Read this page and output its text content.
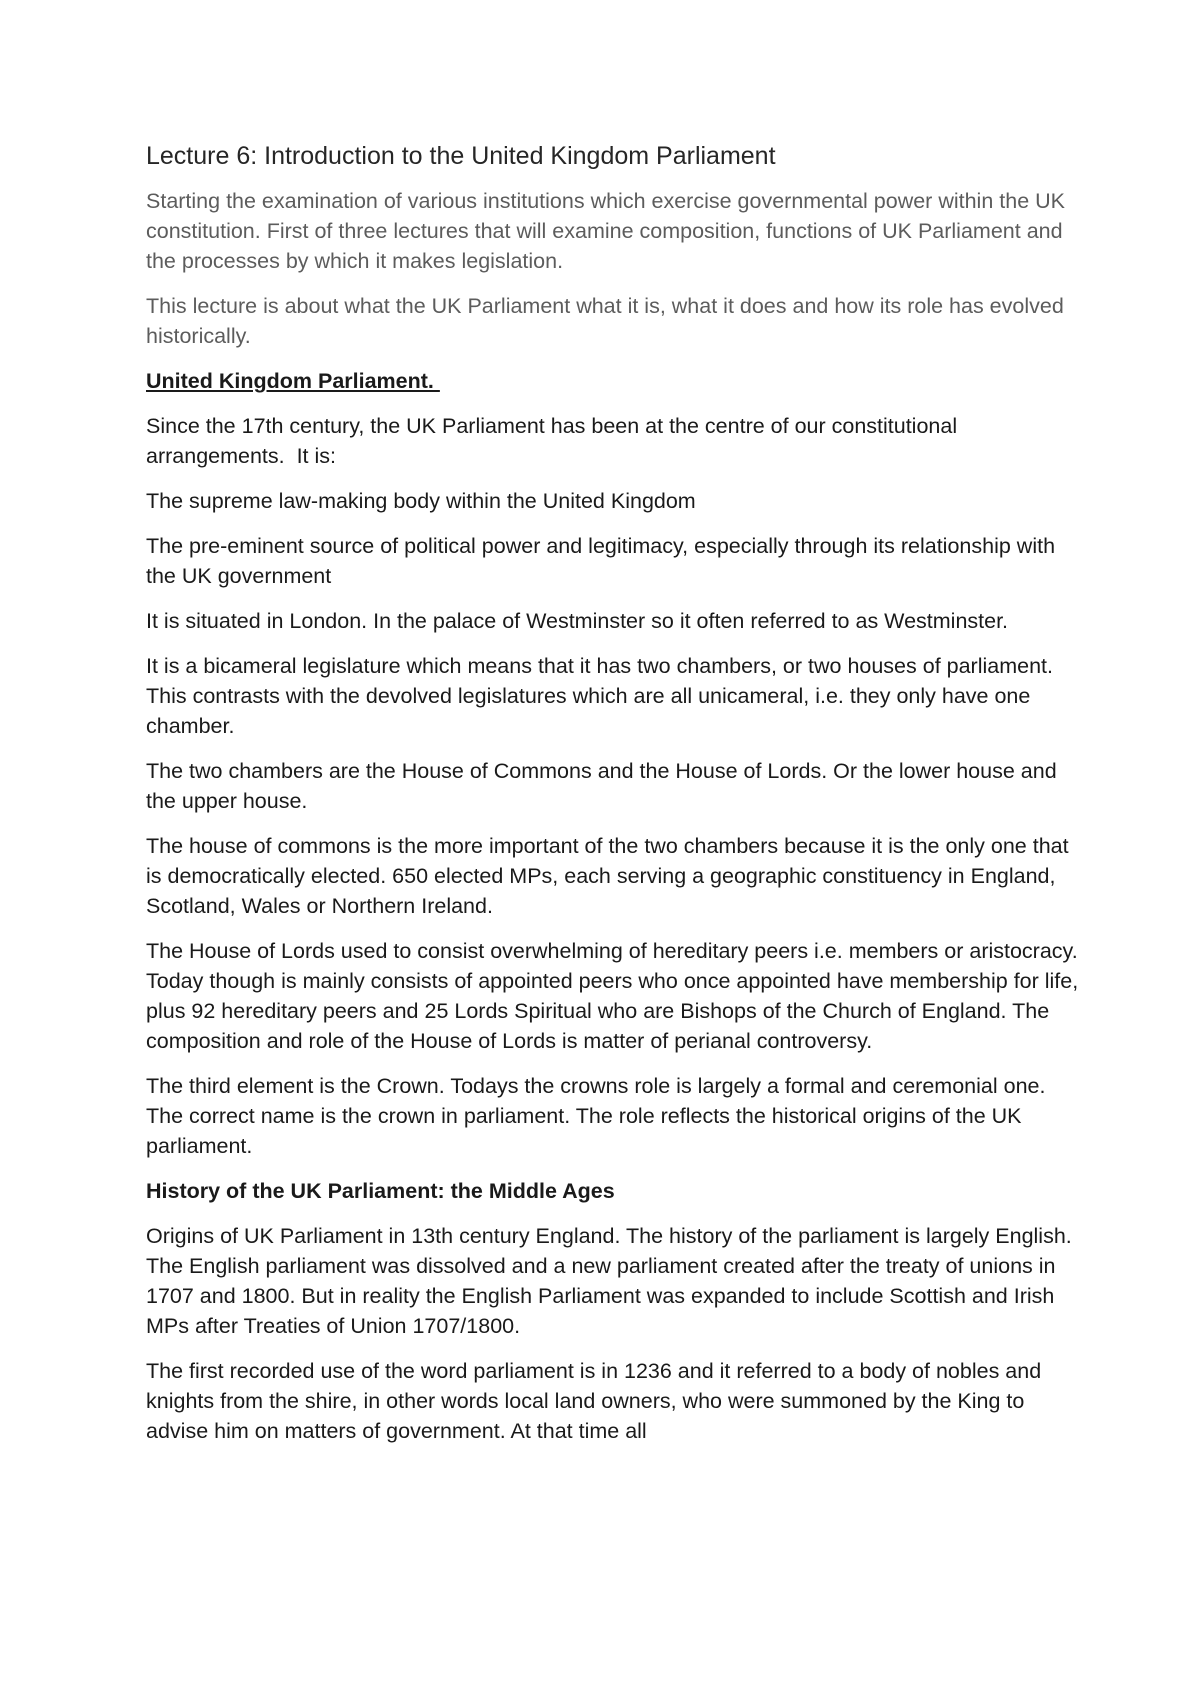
Lecture 6: Introduction to the United Kingdom Parliament

Starting the examination of various institutions which exercise governmental power within the UK constitution. First of three lectures that will examine composition, functions of UK Parliament and the processes by which it makes legislation.

This lecture is about what the UK Parliament what it is, what it does and how its role has evolved historically.

United Kingdom Parliament.

Since the 17th century, the UK Parliament has been at the centre of our constitutional arrangements.  It is:

The supreme law-making body within the United Kingdom

The pre-eminent source of political power and legitimacy, especially through its relationship with the UK government

It is situated in London. In the palace of Westminster so it often referred to as Westminster.

It is a bicameral legislature which means that it has two chambers, or two houses of parliament. This contrasts with the devolved legislatures which are all unicameral, i.e. they only have one chamber.

The two chambers are the House of Commons and the House of Lords. Or the lower house and the upper house.

The house of commons is the more important of the two chambers because it is the only one that is democratically elected. 650 elected MPs, each serving a geographic constituency in England, Scotland, Wales or Northern Ireland.

The House of Lords used to consist overwhelming of hereditary peers i.e. members or aristocracy. Today though is mainly consists of appointed peers who once appointed have membership for life, plus 92 hereditary peers and 25 Lords Spiritual who are Bishops of the Church of England. The composition and role of the House of Lords is matter of perianal controversy.

The third element is the Crown. Todays the crowns role is largely a formal and ceremonial one. The correct name is the crown in parliament. The role reflects the historical origins of the UK parliament.

History of the UK Parliament: the Middle Ages

Origins of UK Parliament in 13th century England. The history of the parliament is largely English. The English parliament was dissolved and a new parliament created after the treaty of unions in 1707 and 1800. But in reality the English Parliament was expanded to include Scottish and Irish MPs after Treaties of Union 1707/1800.

The first recorded use of the word parliament is in 1236 and it referred to a body of nobles and knights from the shire, in other words local land owners, who were summoned by the King to advise him on matters of government. At that time all
